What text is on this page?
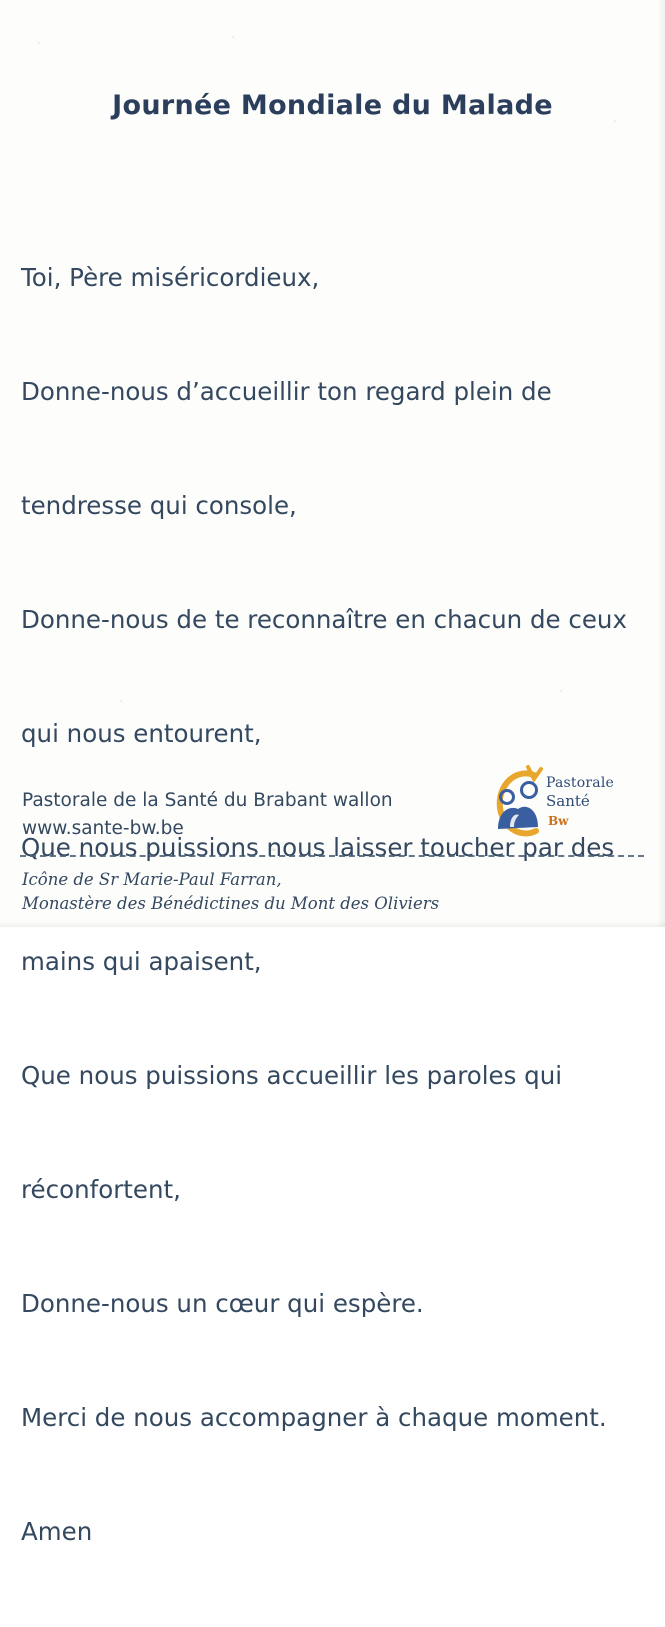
Journée Mondiale du Malade

Toi, Père miséricordieux,

Donne-nous d’accueillir ton regard plein de

tendresse qui console,

Donne-nous de te reconnaître en chacun de ceux

qui nous entourent,

Que nous puissions nous laisser toucher par des

mains qui apaisent,

Que nous puissions accueillir les paroles qui

réconfortent,

Donne-nous un cœur qui espère.

Merci de nous accompagner à chaque moment.

Amen

Pastorale de la Santé du Brabant wallon
www.sante-bw.be
Pastorale
Santé
Bw
Icône de Sr Marie-Paul Farran,
Monastère des Bénédictines du Mont des Oliviers
